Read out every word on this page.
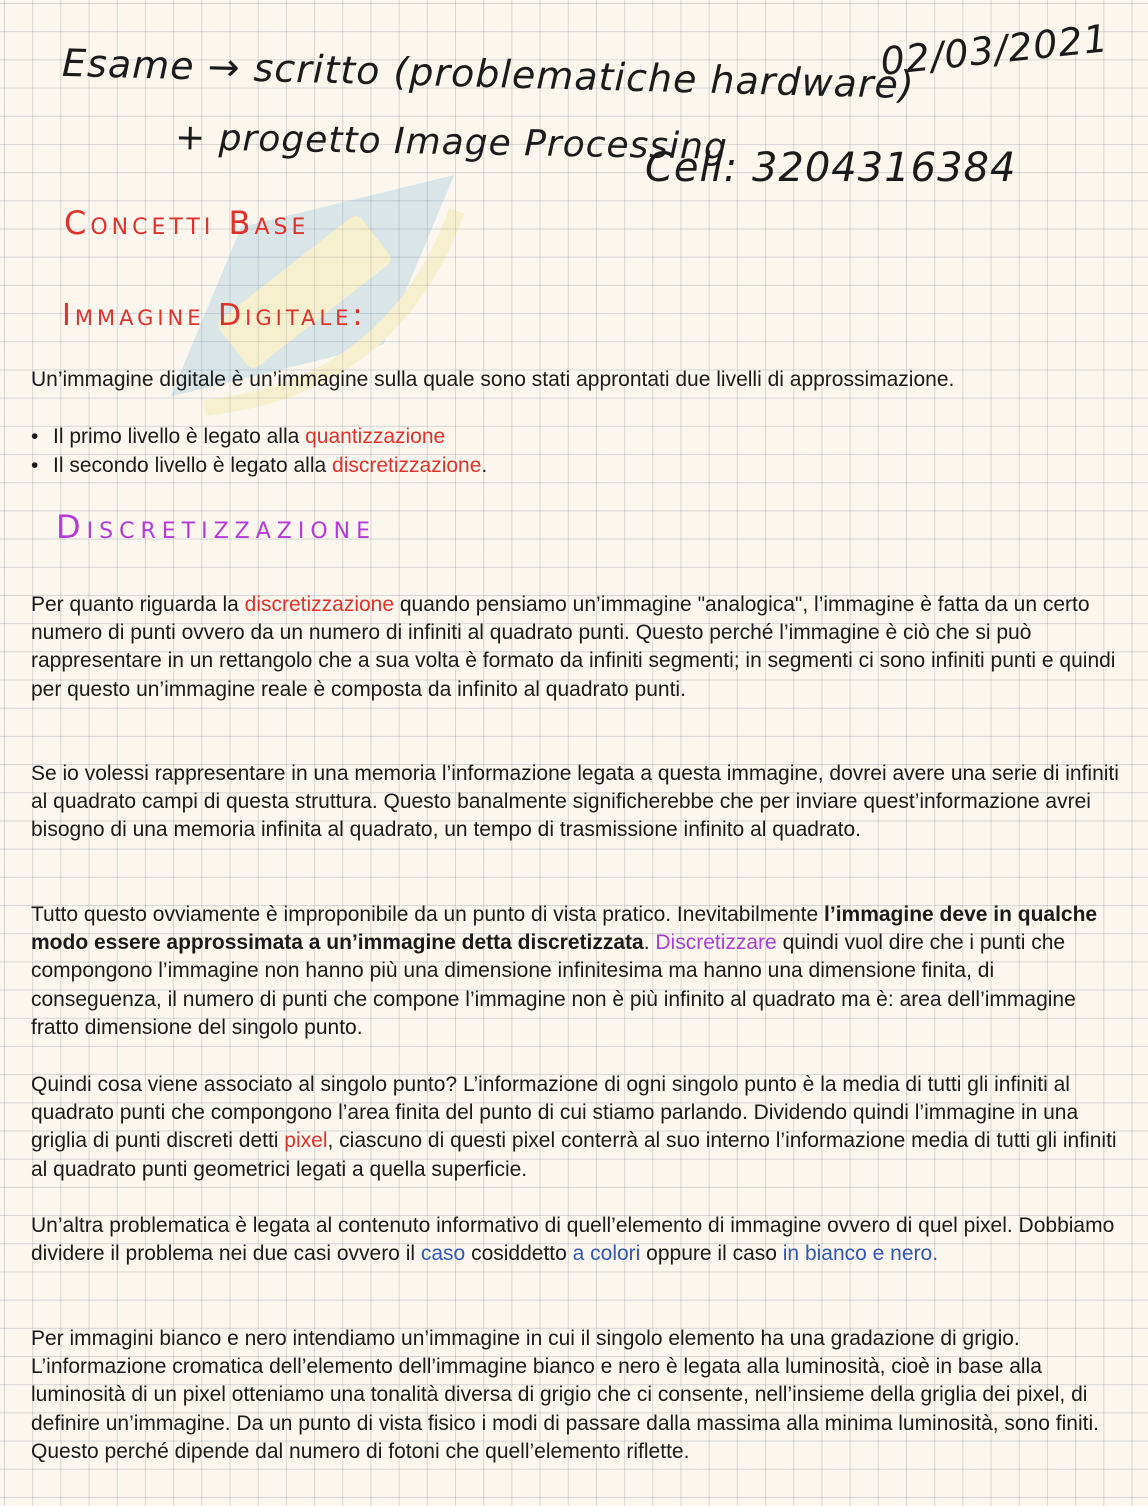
Esame → scritto (problematiche hardware)
+ progetto Image Processing
02/03/2021
Cell: 3204316384
Concetti Base
Immagine Digitale:

Un’immagine digitale è un’immagine sulla quale sono stati approntati due livelli di approssimazione.

• Il primo livello è legato alla quantizzazione
• Il secondo livello è legato alla discretizzazione.
Discretizzazione

Per quanto riguarda la discretizzazione quando pensiamo un’immagine "analogica", l’immagine è fatta da un certo numero di punti ovvero da un numero di infiniti al quadrato punti. Questo perché l’immagine è ciò che si può rappresentare in un rettangolo che a sua volta è formato da infiniti segmenti; in segmenti ci sono infiniti punti e quindi per questo un’immagine reale è composta da infinito al quadrato punti.

Se io volessi rappresentare in una memoria l’informazione legata a questa immagine, dovrei avere una serie di infiniti al quadrato campi di questa struttura. Questo banalmente significherebbe che per inviare quest’informazione avrei bisogno di una memoria infinita al quadrato, un tempo di trasmissione infinito al quadrato.

Tutto questo ovviamente è improponibile da un punto di vista pratico. Inevitabilmente l’immagine deve in qualche modo essere approssimata a un’immagine detta discretizzata. Discretizzare quindi vuol dire che i punti che compongono l’immagine non hanno più una dimensione infinitesima ma hanno una dimensione finita, di conseguenza, il numero di punti che compone l’immagine non è più infinito al quadrato ma è: area dell’immagine fratto dimensione del singolo punto.

Quindi cosa viene associato al singolo punto? L’informazione di ogni singolo punto è la media di tutti gli infiniti al quadrato punti che compongono l’area finita del punto di cui stiamo parlando. Dividendo quindi l’immagine in una griglia di punti discreti detti pixel, ciascuno di questi pixel conterrà al suo interno l’informazione media di tutti gli infiniti al quadrato punti geometrici legati a quella superficie.

Un’altra problematica è legata al contenuto informativo di quell’elemento di immagine ovvero di quel pixel. Dobbiamo dividere il problema nei due casi ovvero il caso cosiddetto a colori oppure il caso in bianco e nero.

Per immagini bianco e nero intendiamo un’immagine in cui il singolo elemento ha una gradazione di grigio. L’informazione cromatica dell’elemento dell’immagine bianco e nero è legata alla luminosità, cioè in base alla luminosità di un pixel otteniamo una tonalità diversa di grigio che ci consente, nell’insieme della griglia dei pixel, di definire un’immagine. Da un punto di vista fisico i modi di passare dalla massima alla minima luminosità, sono finiti. Questo perché dipende dal numero di fotoni che quell’elemento riflette.
